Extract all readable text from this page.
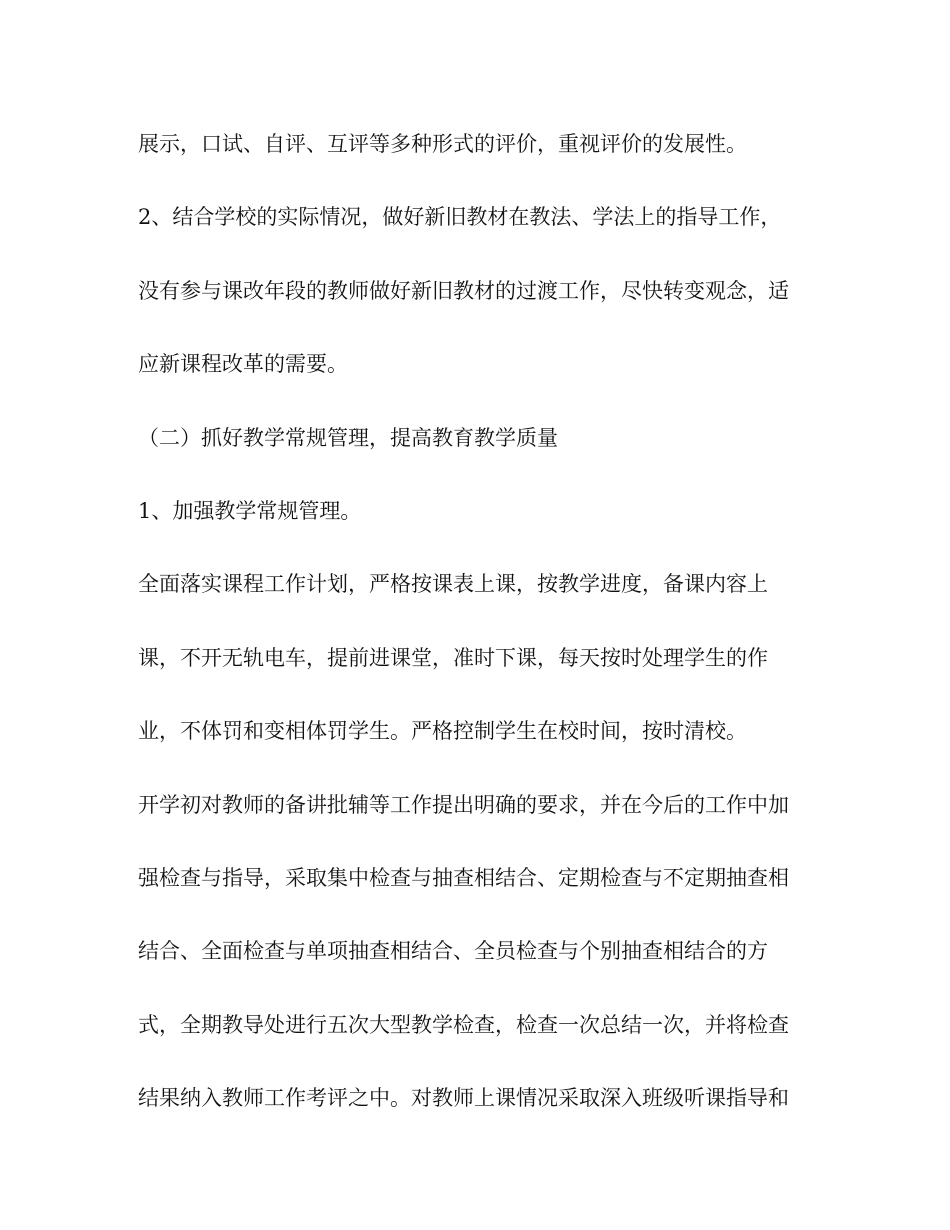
展示，口试、自评、互评等多种形式的评价，重视评价的发展性。
2、结合学校的实际情况，做好新旧教材在教法、学法上的指导工作，
没有参与课改年段的教师做好新旧教材的过渡工作，尽快转变观念，适
应新课程改革的需要。
（二）抓好教学常规管理，提高教育教学质量
1、加强教学常规管理。
全面落实课程工作计划，严格按课表上课，按教学进度，备课内容上
课，不开无轨电车，提前进课堂，准时下课，每天按时处理学生的作
业，不体罚和变相体罚学生。严格控制学生在校时间，按时清校。
开学初对教师的备讲批辅等工作提出明确的要求，并在今后的工作中加
强检查与指导，采取集中检查与抽查相结合、定期检查与不定期抽查相
结合、全面检查与单项抽查相结合、全员检查与个别抽查相结合的方
式，全期教导处进行五次大型教学检查，检查一次总结一次，并将检查
结果纳入教师工作考评之中。对教师上课情况采取深入班级听课指导和
